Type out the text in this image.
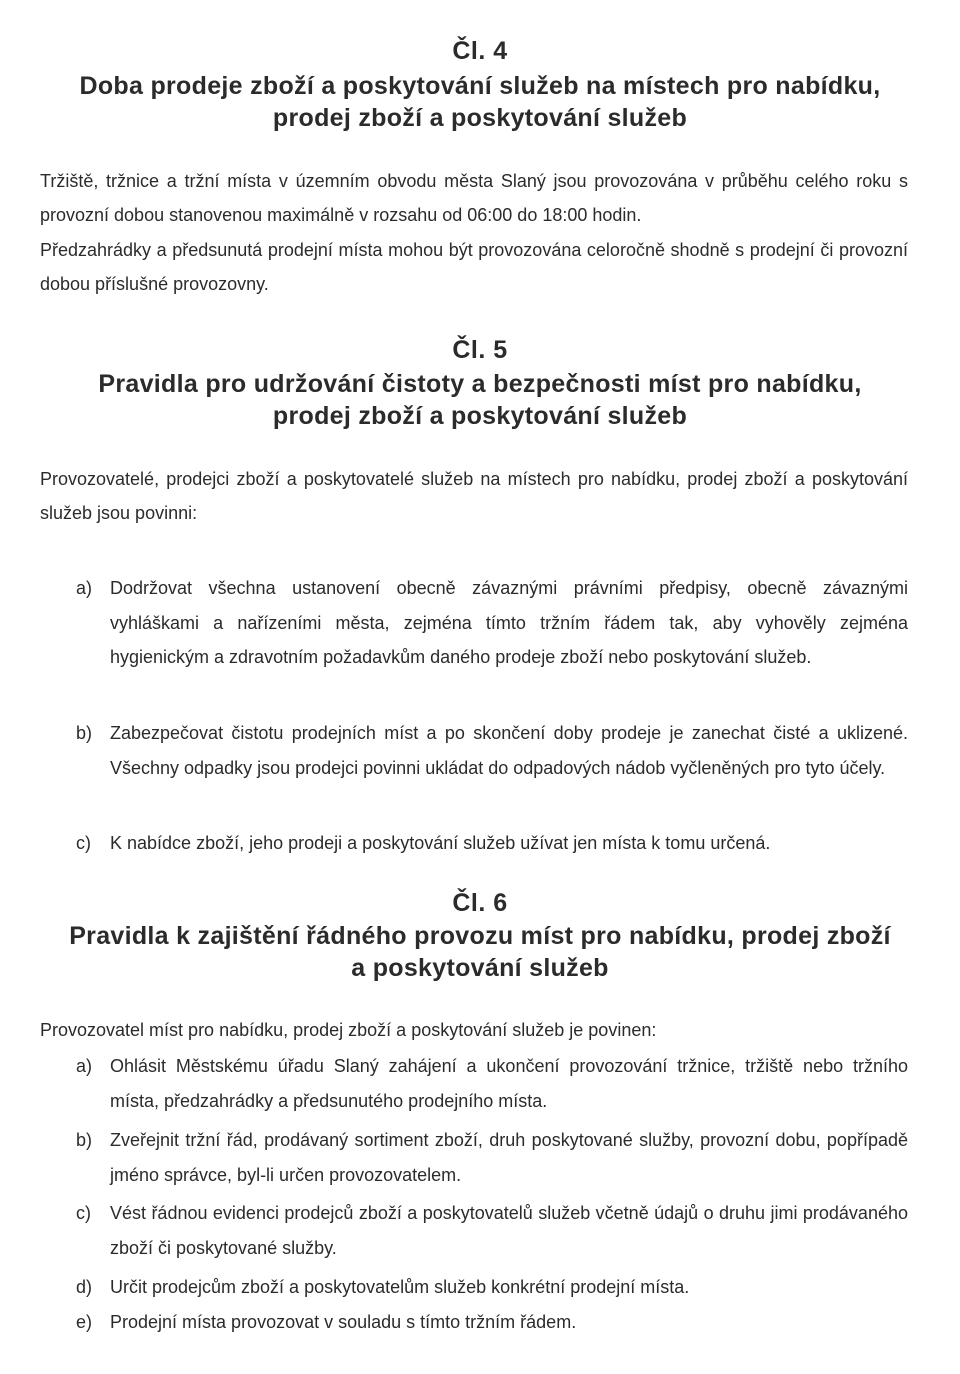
Čl. 4
Doba prodeje zboží a poskytování služeb na místech pro nabídku,
prodej zboží a poskytování služeb
Tržiště, tržnice a tržní místa v územním obvodu města Slaný jsou provozována v průběhu celého roku s provozní dobou stanovenou maximálně v rozsahu od 06:00 do 18:00 hodin.
Předzahrádky a předsunutá prodejní místa mohou být provozována celoročně shodně s prodejní či provozní dobou příslušné provozovny.
Čl. 5
Pravidla pro udržování čistoty a bezpečnosti míst pro nabídku,
prodej zboží a poskytování služeb
Provozovatelé, prodejci zboží a poskytovatelé služeb na místech pro nabídku, prodej zboží a poskytování služeb jsou povinni:
a) Dodržovat všechna ustanovení obecně závaznými právními předpisy, obecně závaznými vyhláškami a nařízeními města, zejména tímto tržním řádem tak, aby vyhověly zejména hygienickým a zdravotním požadavkům daného prodeje zboží nebo poskytování služeb.
b) Zabezpečovat čistotu prodejních míst a po skončení doby prodeje je zanechat čisté a uklizené. Všechny odpadky jsou prodejci povinni ukládat do odpadových nádob vyčleněných pro tyto účely.
c)	K nabídce zboží, jeho prodeji a poskytování služeb užívat jen místa k tomu určená.
Čl. 6
Pravidla k zajištění řádného provozu míst pro nabídku, prodej zboží
a poskytování služeb
Provozovatel míst pro nabídku, prodej zboží a poskytování služeb je povinen:
a) Ohlásit Městskému úřadu Slaný zahájení a ukončení provozování tržnice, tržiště nebo tržního místa, předzahrádky a předsunutého prodejního místa.
b) Zveřejnit tržní řád, prodávaný sortiment zboží, druh poskytované služby, provozní dobu, popřípadě jméno správce, byl-li určen provozovatelem.
c)	Vést řádnou evidenci prodejců zboží a poskytovatelů služeb včetně údajů o druhu jimi prodávaného zboží či poskytované služby.
d) Určit prodejcům zboží a poskytovatelům služeb konkrétní prodejní místa.
e) Prodejní místa provozovat v souladu s tímto tržním řádem.
